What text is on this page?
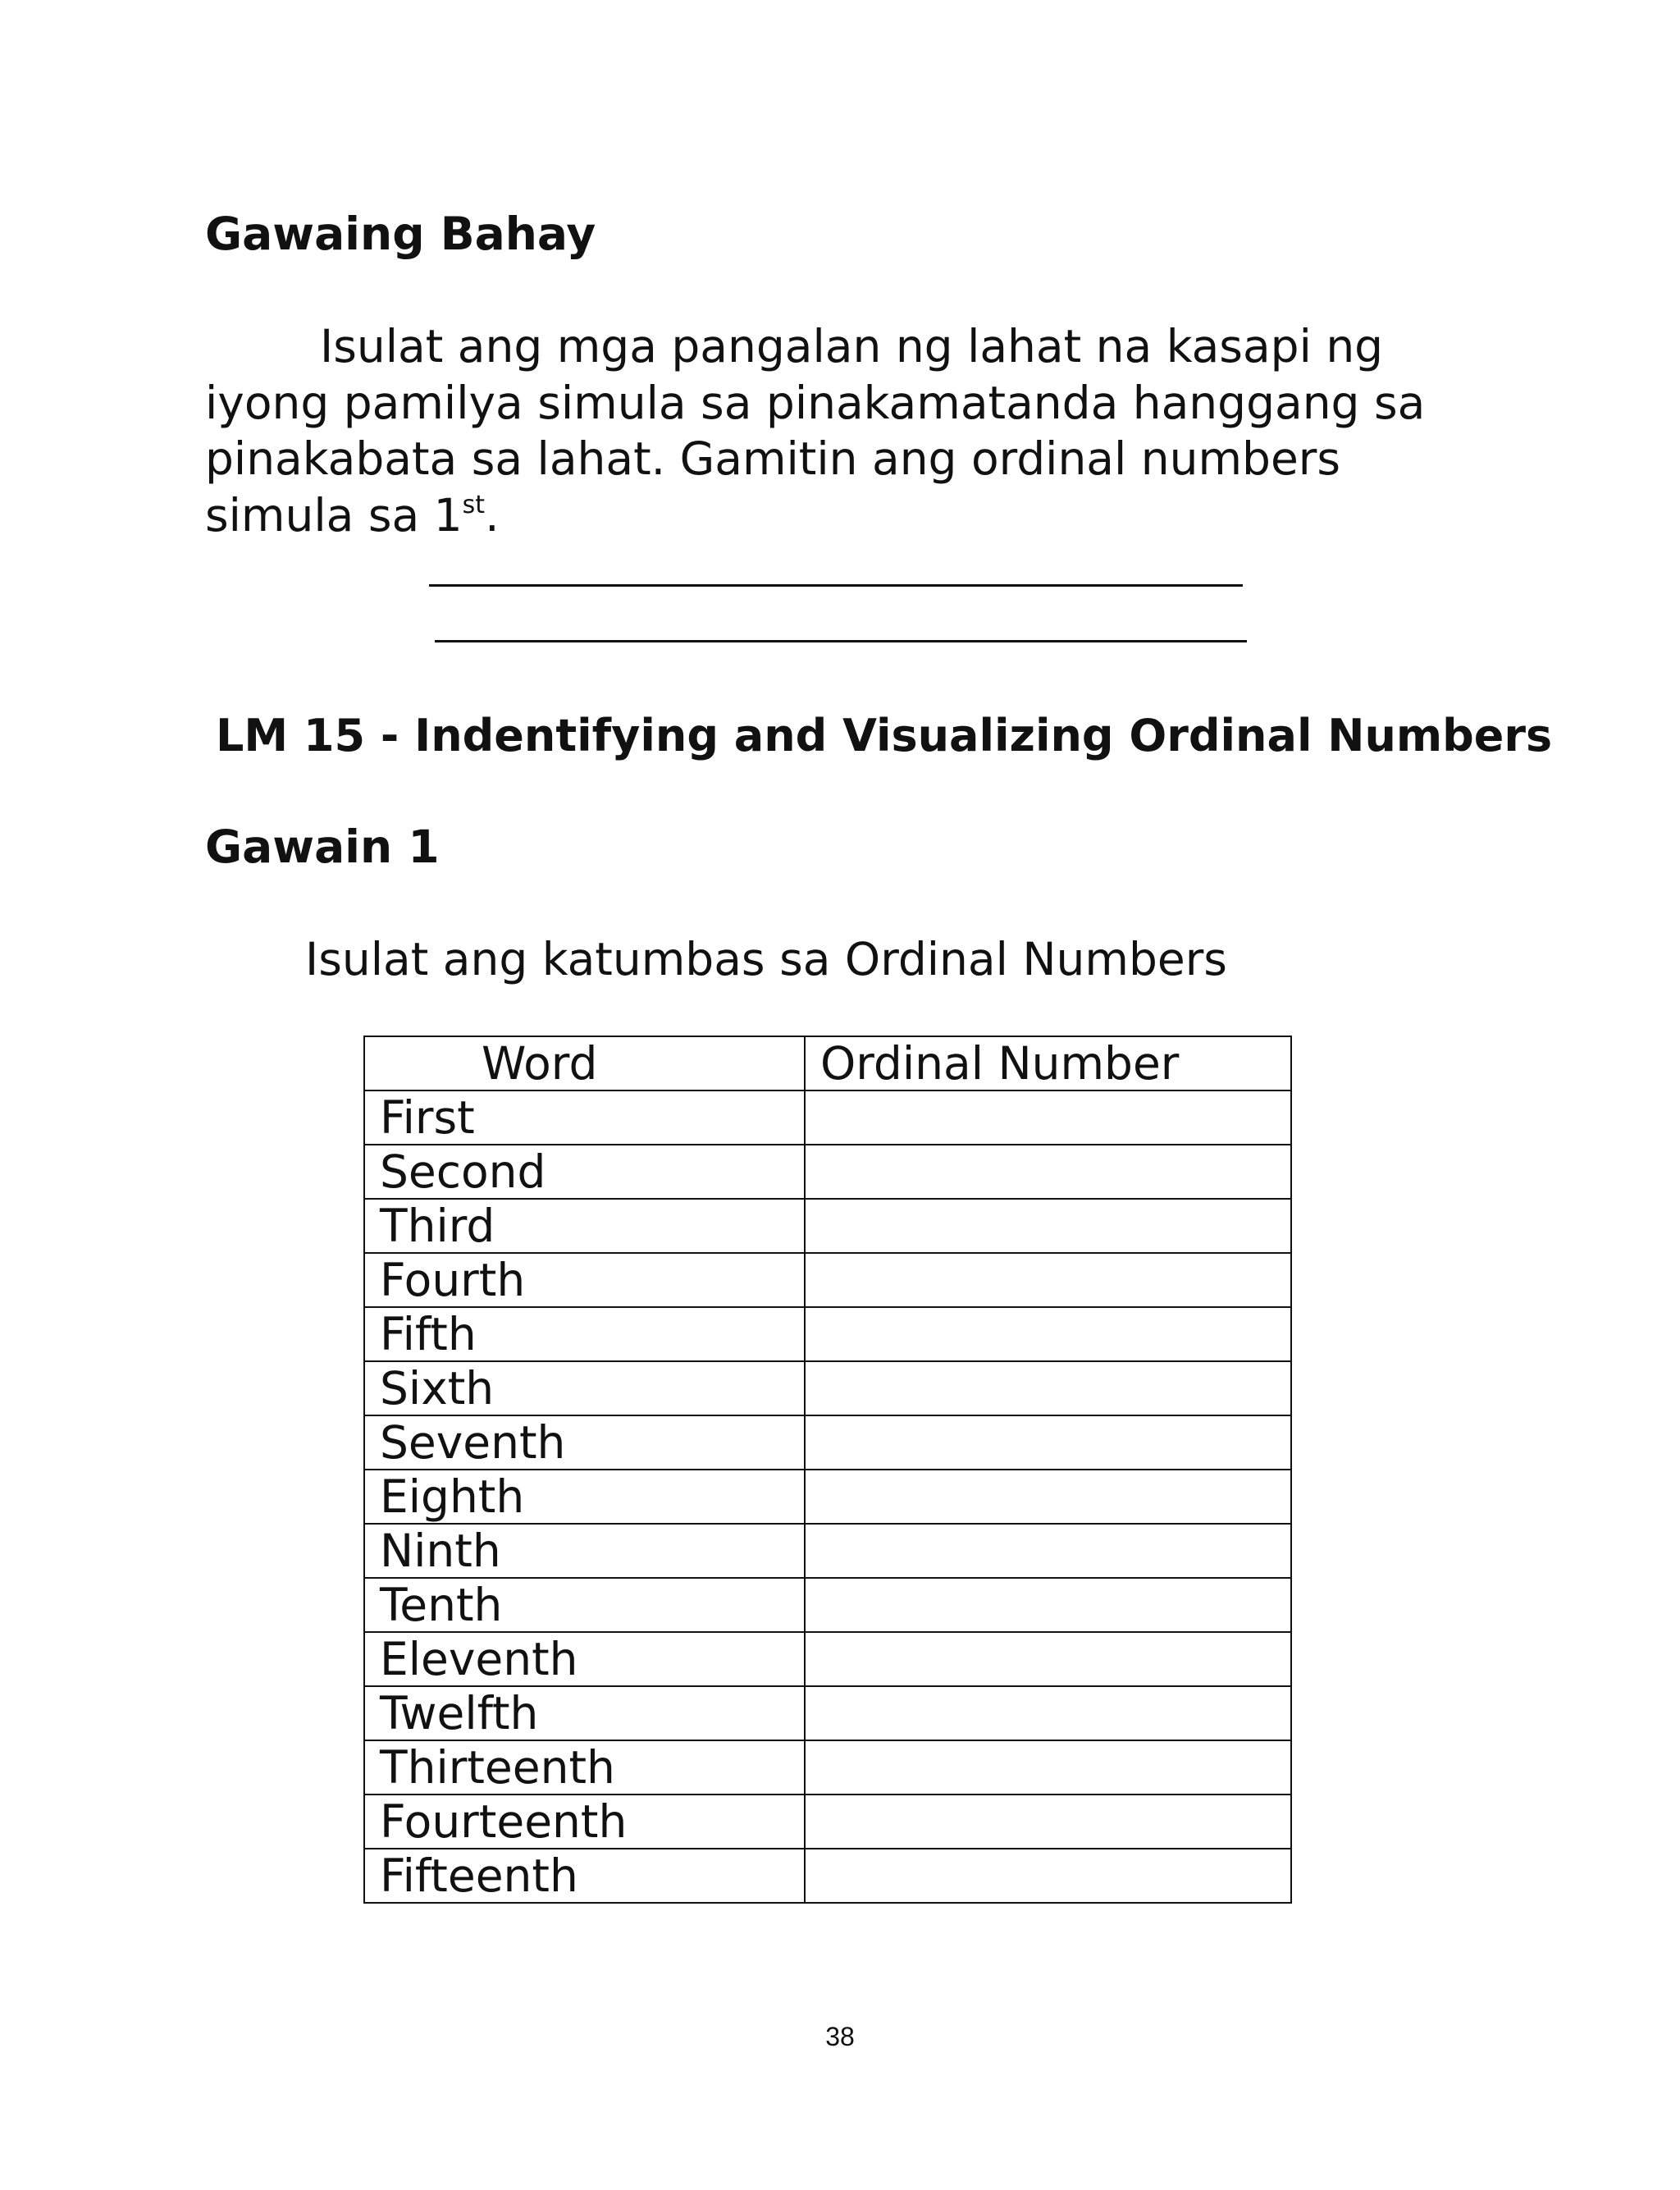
Gawaing Bahay

Isulat ang mga pangalan ng lahat na kasapi ng iyong pamilya simula sa pinakamatanda hanggang sa pinakabata sa lahat. Gamitin ang ordinal numbers simula sa 1st.

LM 15 - Indentifying and Visualizing Ordinal Numbers
Gawain 1

Isulat ang katumbas sa Ordinal Numbers

Word	Ordinal Number
First	
Second	
Third	
Fourth	
Fifth	
Sixth	
Seventh	
Eighth	
Ninth	
Tenth	
Eleventh	
Twelfth	
Thirteenth	
Fourteenth	
Fifteenth	
38
